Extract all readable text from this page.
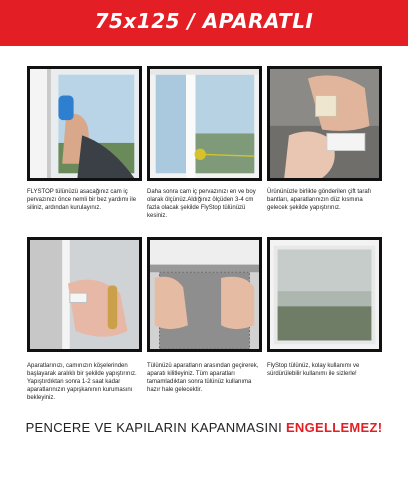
75x125 / APARATLI
FLYSTOP tülünüzü asacağınız cam iç pervazınızı önce nemli bir bez yardımı ile siliniz, ardından kurulayınız.
Daha sonra cam iç pervazınızı en ve boy olarak ölçünüz.Aldığınız ölçüden 3-4 cm fazla olacak şekilde FlyStop tülünüzü kesiniz.
Ürününüzle birlikte gönderilen çift tarafı bantları, aparatlarınızın düz kısmına gelecek şekilde yapıştırınız.
Aparatlarınızı, camınızın köşelerinden başlayarak aralıklı bir şekilde yapıştırınız. Yapıştırdıktan sonra 1-2 saat kadar aparatlarınızın yapışkanının kurumasını bekleyiniz.
Tülünüzü aparatların arasından geçirerek, aparatı kilitleyiniz. Tüm aparatları tamamladıktan sonra tülünüz kullanıma hazır hale gelecektir.
FlyStop tülünüz, kolay kullanımı ve sürdürülebilir kullanımı ile sizlerle!
PENCERE VE KAPILARIN KAPANMASINI ENGELLEMEZ!
